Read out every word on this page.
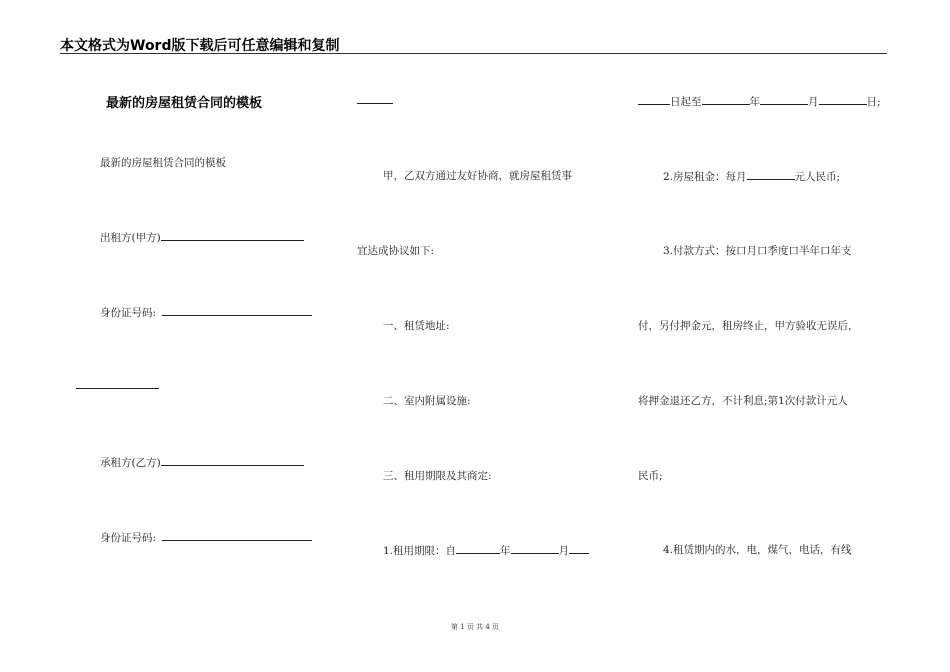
本文格式为Word版下载后可任意编辑和复制
最新的房屋租赁合同的模板
最新的房屋租赁合同的模板
出租方(甲方)
身份证号码:
承租方(乙方)
身份证号码:
甲，乙双方通过友好协商，就房屋租赁事
宜达成协议如下:
一、租赁地址:
二、室内附属设施:
三、租用期限及其商定:
1.租用期限：自	年	月
日起至	年	月	日;
2.房屋租金：每月	元人民币;
3.付款方式：按口月口季度口半年口年支
付，另付押金元，租房终止，甲方验收无误后，
将押金退还乙方，不计利息;第1次付款计元人
民币;
4.租赁期内的水，电，煤气，电话，有线
第 1 页 共 4 页
